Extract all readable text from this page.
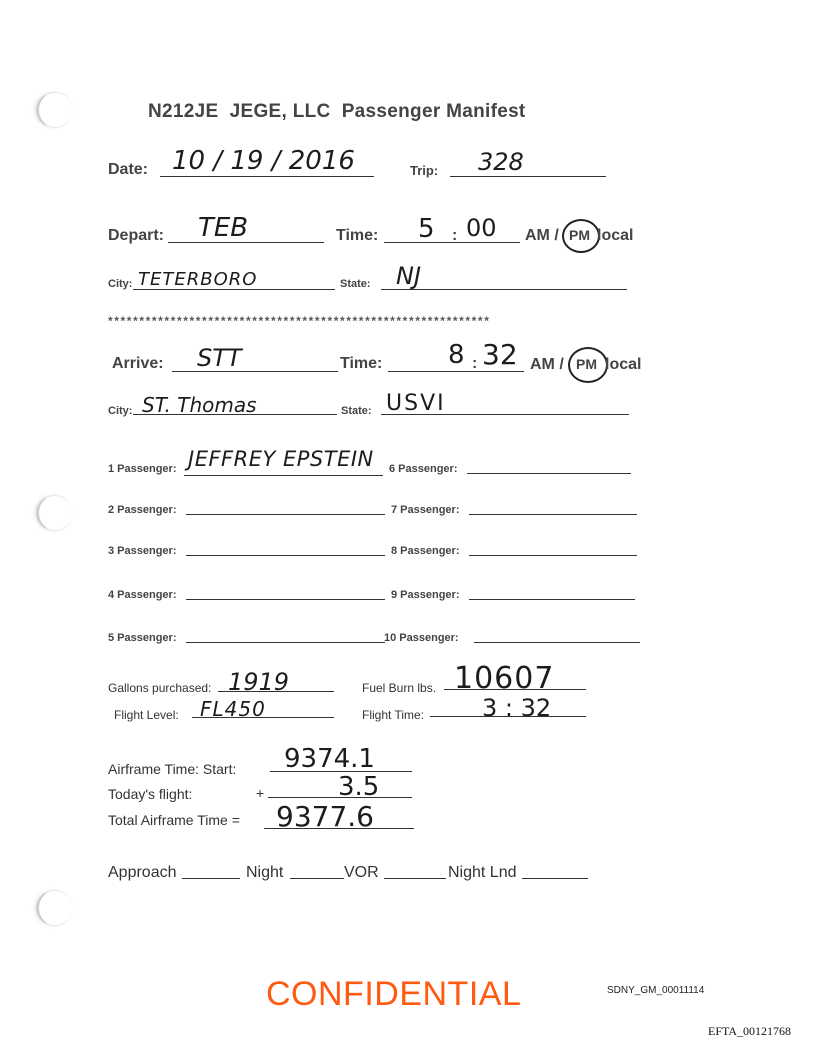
N212JE JEGE, LLC Passenger Manifest
Date: 10 / 19 / 2016	Trip: 328
Depart: TEB	Time: 5 : 00 AM / PM local
City: TETERBORO	State: NJ
*************************************************************
Arrive: STT	Time:	8 : 32 AM / PM local
City: ST. Thomas	State: USVI
1 Passenger: JEFFREY EPSTEIN
2 Passenger:
3 Passenger:
4 Passenger:
5 Passenger:
6 Passenger:
7 Passenger:
8 Passenger:
9 Passenger:
10 Passenger:
Gallons purchased: 1919	Fuel Burn lbs. 10607
Flight Level: FL450	Flight Time: 3 : 32
Airframe Time: Start: 9374.1
Today's flight:	+	3.5
Total Airframe Time = 9377.6
Approach	Night	VOR	Night Lnd
CONFIDENTIAL	SDNY_GM_00011114
EFTA_00121768
